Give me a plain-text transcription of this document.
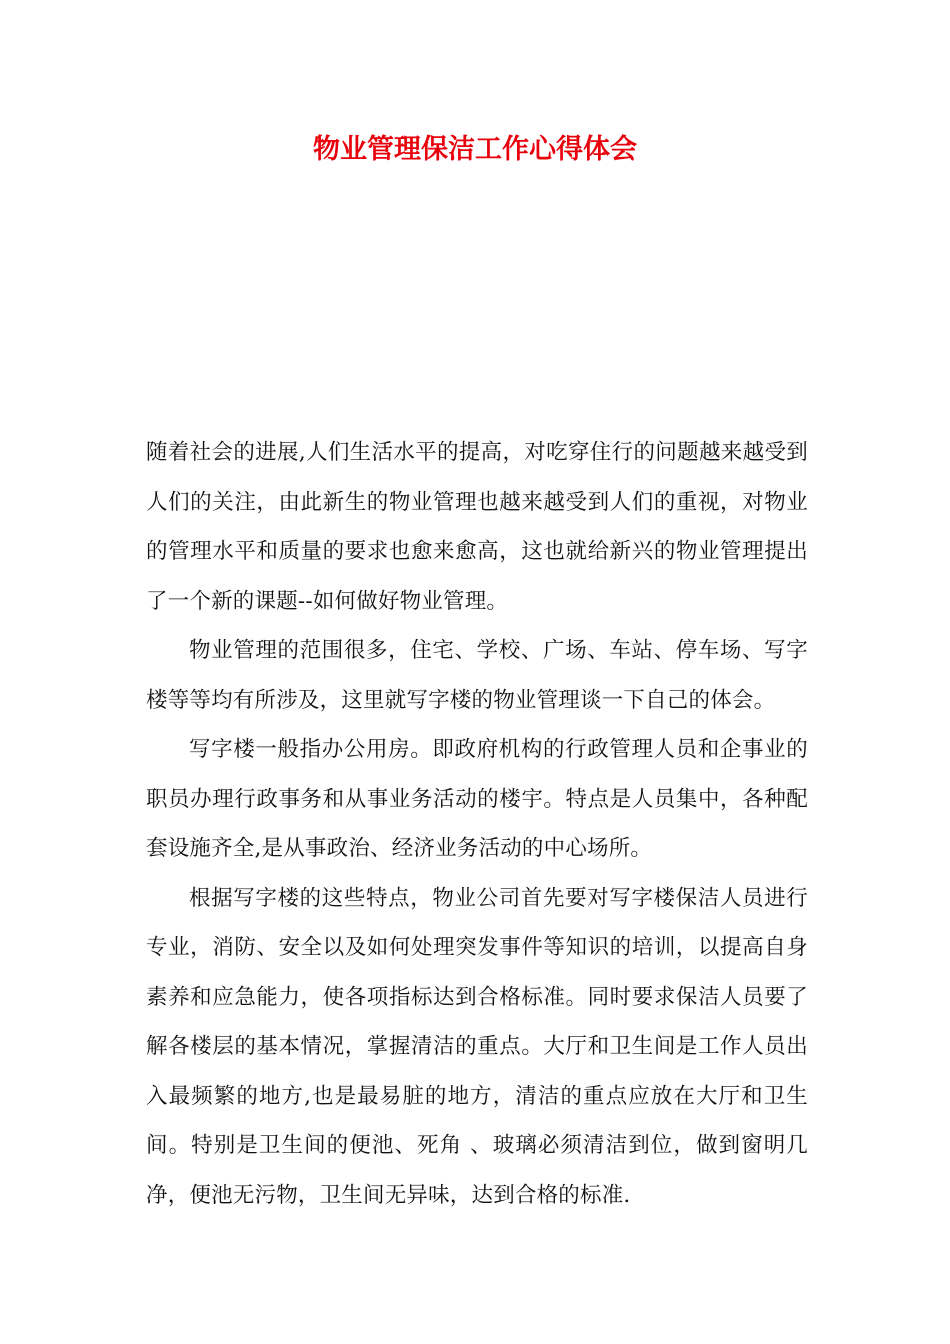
物业管理保洁工作心得体会

随着社会的进展,人们生活水平的提高，对吃穿住行的问题越来越受到人们的关注，由此新生的物业管理也越来越受到人们的重视，对物业的管理水平和质量的要求也愈来愈高，这也就给新兴的物业管理提出了一个新的课题--如何做好物业管理。

物业管理的范围很多，住宅、学校、广场、车站、停车场、写字楼等等均有所涉及，这里就写字楼的物业管理谈一下自己的体会。

写字楼一般指办公用房。即政府机构的行政管理人员和企事业的职员办理行政事务和从事业务活动的楼宇。特点是人员集中，各种配套设施齐全,是从事政治、经济业务活动的中心场所。

根据写字楼的这些特点，物业公司首先要对写字楼保洁人员进行专业，消防、安全以及如何处理突发事件等知识的培训，以提高自身素养和应急能力，使各项指标达到合格标准。同时要求保洁人员要了解各楼层的基本情况，掌握清洁的重点。大厅和卫生间是工作人员出入最频繁的地方,也是最易脏的地方，清洁的重点应放在大厅和卫生间。特别是卫生间的便池、死角 、玻璃必须清洁到位，做到窗明几净，便池无污物，卫生间无异味，达到合格的标准.
